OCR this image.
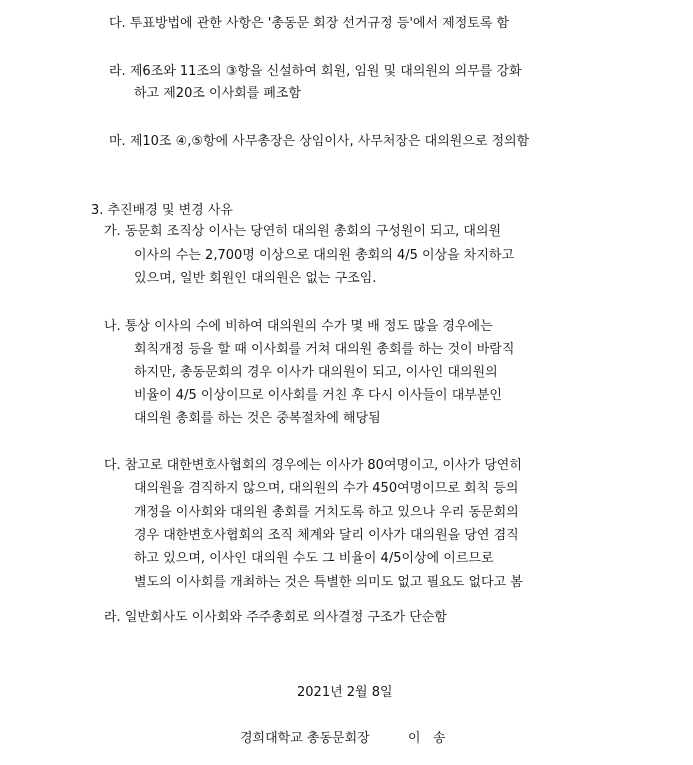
다. 투표방법에 관한 사항은 '총동문 회장 선거규정 등'에서 제정토록 함
라. 제6조와 11조의 ③항을 신설하여 회원, 임원 및 대의원의 의무를 강화
하고 제20조 이사회를 폐조함
마. 제10조 ④,⑤항에 사무총장은 상임이사, 사무처장은 대의원으로 정의함
3. 추진배경 및 변경 사유
가. 동문회 조직상 이사는 당연히 대의원 총회의 구성원이 되고, 대의원
이사의 수는 2,700명 이상으로 대의원 총회의 4/5 이상을 차지하고
있으며, 일반 회원인 대의원은 없는 구조임.
나. 통상 이사의 수에 비하여 대의원의 수가 몇 배 정도 많을 경우에는
회칙개정 등을 할 때 이사회를 거쳐 대의원 총회를 하는 것이 바람직
하지만, 총동문회의 경우 이사가 대의원이 되고, 이사인 대의원의
비율이 4/5 이상이므로 이사회를 거친 후 다시 이사들이 대부분인
대의원 총회를 하는 것은 중복절차에 해당됨
다. 참고로 대한변호사협회의 경우에는 이사가 80여명이고, 이사가 당연히
대의원을 겸직하지 않으며, 대의원의 수가 450여명이므로 회칙 등의
개정을 이사회와 대의원 총회를 거치도록 하고 있으나 우리 동문회의
경우 대한변호사협회의 조직 체계와 달리 이사가 대의원을 당연 겸직
하고 있으며, 이사인 대의원 수도 그 비율이 4/5이상에 이르므로
별도의 이사회를 개최하는 것은 특별한 의미도 없고 필요도 없다고 봄
라. 일반회사도 이사회와 주주총회로 의사결정 구조가 단순함
2021년 2월 8일
경희대학교 총동문회장	이   송
